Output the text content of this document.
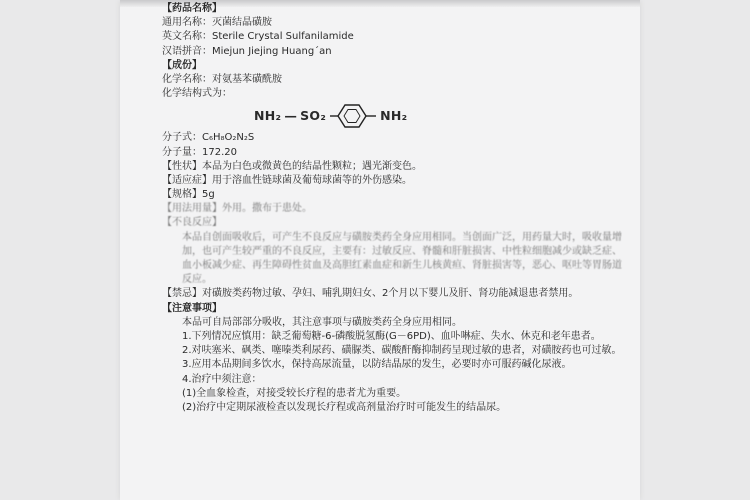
【药品名称】
通用名称：灭菌结晶磺胺
英文名称：Sterile Crystal Sulfanilamide
汉语拼音：Miejun Jiejing Huang´an
【成份】
化学名称：对氨基苯磺酰胺
化学结构式为：
NH₂ — SO₂	NH₂
分子式：C₆H₈O₂N₂S
分子量：172.20
【性状】本品为白色或微黄色的结晶性颗粒；遇光渐变色。
【适应症】用于溶血性链球菌及葡萄球菌等的外伤感染。
【规格】5g
【用法用量】外用。撒布于患处。
【不良反应】
本品自创面吸收后，可产生不良反应与磺胺类药全身应用相同。当创面广泛，用药量大时，吸收量增加，也可产生较严重的不良反应，主要有：过敏反应、脊髓和肝脏损害、中性粒细胞减少或缺乏症、血小板减少症、再生障碍性贫血及高胆红素血症和新生儿核黄疸、肾脏损害等，恶心、呕吐等胃肠道反应。
【禁忌】对磺胺类药物过敏、孕妇、哺乳期妇女、2个月以下婴儿及肝、肾功能减退患者禁用。
【注意事项】
本品可自局部部分吸收，其注意事项与磺胺类药全身应用相同。
1.下列情况应慎用：缺乏葡萄糖-6-磷酸脱氢酶(G－6PD)、血卟啉症、失水、休克和老年患者。
2.对呋塞米、砜类、噻嗪类利尿药、磺脲类、碳酸酐酶抑制药呈现过敏的患者，对磺胺药也可过敏。
3.应用本品期间多饮水，保持高尿流量，以防结晶尿的发生，必要时亦可服药碱化尿液。
4.治疗中须注意：
(1)全血象检查，对接受较长疗程的患者尤为重要。
(2)治疗中定期尿液检查以发现长疗程或高剂量治疗时可能发生的结晶尿。
